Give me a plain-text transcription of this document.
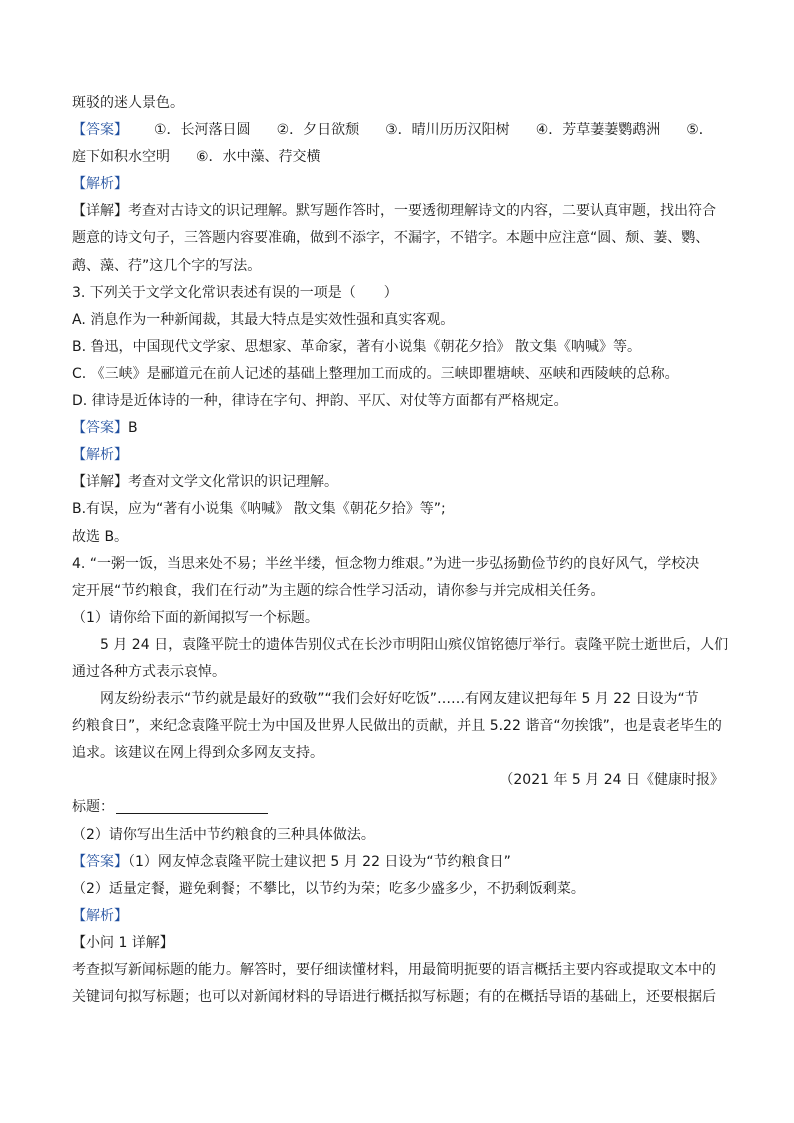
斑驳的迷人景色。
【答案】 ①．长河落日圆 ②．夕日欲颓 ③．晴川历历汉阳树 ④．芳草萋萋鹦鹉洲 ⑤．
庭下如积水空明 ⑥．水中藻、荇交横
【解析】
【详解】考查对古诗文的识记理解。默写题作答时，一要透彻理解诗文的内容，二要认真审题，找出符合
题意的诗文句子，三答题内容要准确，做到不添字，不漏字，不错字。本题中应注意“圆、颓、萋、鹦、
鹉、藻、荇”这几个字的写法。
3. 下列关于文学文化常识表述有误的一项是（　　）
A. 消息作为一种新闻裁，其最大特点是实效性强和真实客观。
B. 鲁迅，中国现代文学家、思想家、革命家，著有小说集《朝花夕拾》 散文集《呐喊》等。
C. 《三峡》是郦道元在前人记述的基础上整理加工而成的。三峡即瞿塘峡、巫峡和西陵峡的总称。
D. 律诗是近体诗的一种，律诗在字句、押韵、平仄、对仗等方面都有严格规定。
【答案】B
【解析】
【详解】考查对文学文化常识的识记理解。
B.有误，应为“著有小说集《呐喊》 散文集《朝花夕拾》等”;
故选 B。
4. “一粥一饭，当思来处不易；半丝半缕，恒念物力维艰。”为进一步弘扬勤俭节约的良好风气，学校决
定开展“节约粮食，我们在行动”为主题的综合性学习活动，请你参与并完成相关任务。
（1）请你给下面的新闻拟写一个标题。
5 月 24 日，袁隆平院士的遗体告别仪式在长沙市明阳山殡仪馆铭德厅举行。袁隆平院士逝世后，人们
通过各种方式表示哀悼。
网友纷纷表示“节约就是最好的致敬”“我们会好好吃饭”……有网友建议把每年 5 月 22 日设为“节
约粮食日”，来纪念袁隆平院士为中国及世界人民做出的贡献，并且 5.22 谐音“勿挨饿”，也是袁老毕生的
追求。该建议在网上得到众多网友支持。
（2021 年 5 月 24 日《健康时报》
标题：
（2）请你写出生活中节约粮食的三种具体做法。
【答案】（1）网友悼念袁隆平院士建议把 5 月 22 日设为“节约粮食日”
（2）适量定餐，避免剩餐；不攀比，以节约为荣；吃多少盛多少，不扔剩饭剩菜。
【解析】
【小问 1 详解】
考查拟写新闻标题的能力。解答时，要仔细读懂材料，用最简明扼要的语言概括主要内容或提取文本中的
关键词句拟写标题；也可以对新闻材料的导语进行概括拟写标题；有的在概括导语的基础上，还要根据后
